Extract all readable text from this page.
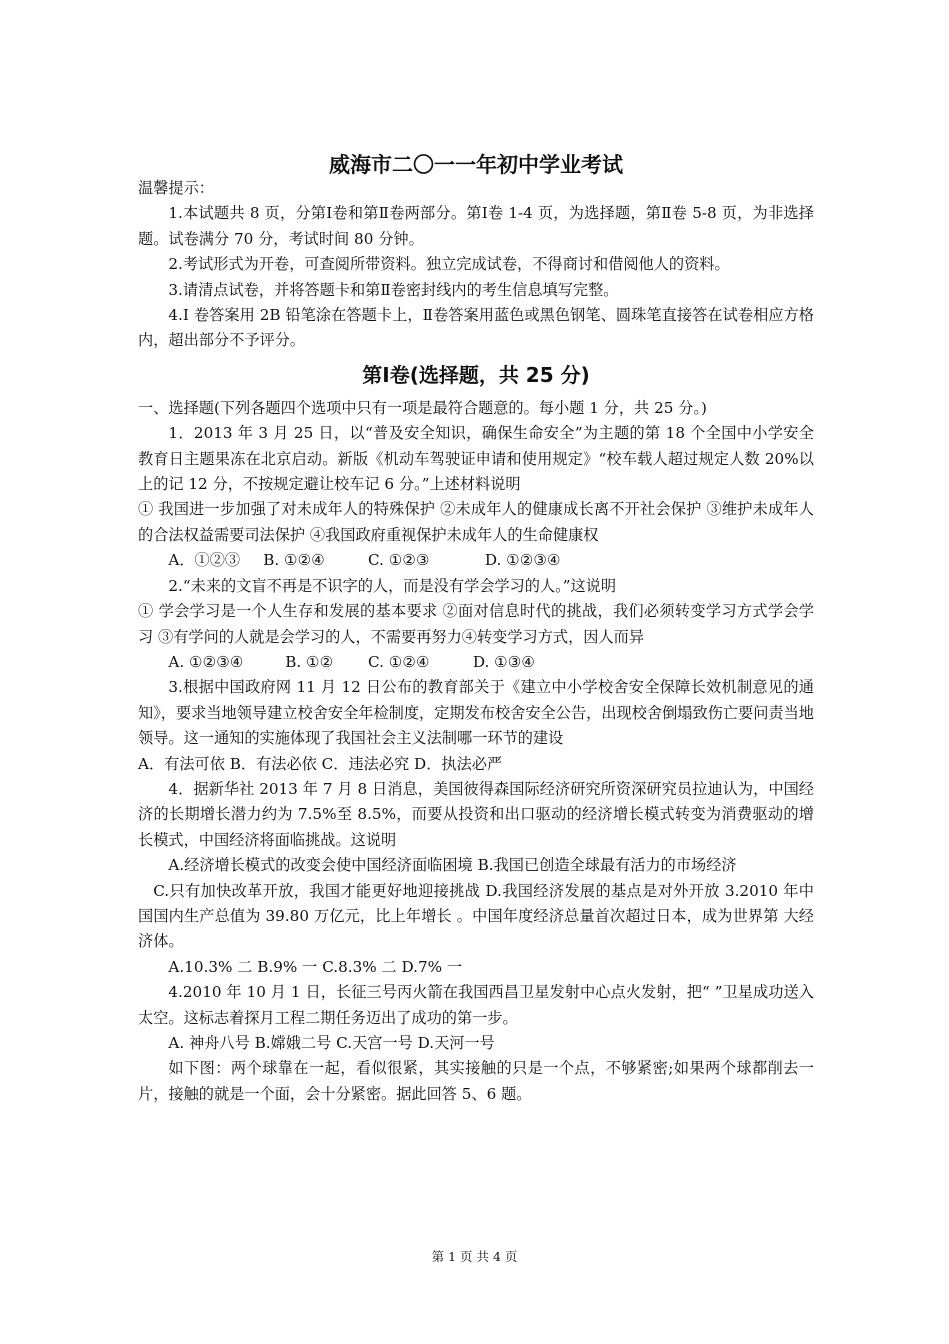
威海市二〇一一年初中学业考试

温馨提示：

1.本试题共 8 页，分第Ⅰ卷和第Ⅱ卷两部分。第Ⅰ卷 1-4 页，为选择题，第Ⅱ卷 5-8 页，为非选择题。试卷满分 70 分，考试时间 80 分钟。

2.考试形式为开卷，可查阅所带资料。独立完成试卷，不得商讨和借阅他人的资料。

3.请清点试卷，并将答题卡和第Ⅱ卷密封线内的考生信息填写完整。

4.Ⅰ 卷答案用 2B 铅笔涂在答题卡上，Ⅱ卷答案用蓝色或黑色钢笔、圆珠笔直接答在试卷相应方格内，超出部分不予评分。

第Ⅰ卷(选择题，共 25 分)

一、选择题(下列各题四个选项中只有一项是最符合题意的。每小题 1 分，共 25 分。)

1．2013 年 3 月 25 日，以“普及安全知识，确保生命安全”为主题的第 18 个全国中小学安全教育日主题果冻在北京启动。新版《机动车驾驶证申请和使用规定》“校车载人超过规定人数 20%以上的记 12 分，不按规定避让校车记 6 分。”上述材料说明

① 我国进一步加强了对未成年人的特殊保护 ②未成年人的健康成长离不开社会保护 ③维护未成年人的合法权益需要司法保护 ④我国政府重视保护未成年人的生命健康权

A．①②③ B. ①②④	C. ①②③	D. ①②③④

2.“未来的文盲不再是不识字的人，而是没有学会学习的人。”这说明

① 学会学习是一个人生存和发展的基本要求 ②面对信息时代的挑战，我们必须转变学习方式学会学习 ③有学问的人就是会学习的人，不需要再努力④转变学习方式，因人而异

A. ①②③④	B. ①② C. ①②④	D. ①③④

3.根据中国政府网 11 月 12 日公布的教育部关于《建立中小学校舍安全保障长效机制意见的通知》，要求当地领导建立校舍安全年检制度，定期发布校舍安全公告，出现校舍倒塌致伤亡要问责当地领导。这一通知的实施体现了我国社会主义法制哪一环节的建设

A．有法可依 B．有法必依 C．违法必究 D．执法必严

4．据新华社 2013 年 7 月 8 日消息，美国彼得森国际经济研究所资深研究员拉迪认为，中国经济的长期增长潜力约为 7.5%至 8.5%，而要从投资和出口驱动的经济增长模式转变为消费驱动的增长模式，中国经济将面临挑战。这说明

A.经济增长模式的改变会使中国经济面临困境 B.我国已创造全球最有活力的市场经济

C.只有加快改革开放，我国才能更好地迎接挑战 D.我国经济发展的基点是对外开放 3.2010 年中国国内生产总值为 39.80 万亿元，比上年增长 。中国年度经济总量首次超过日本，成为世界第 大经济体。

A.10.3% 二 B.9% 一 C.8.3% 二 D.7% 一

4.2010 年 10 月 1 日，长征三号丙火箭在我国西昌卫星发射中心点火发射，把“ ”卫星成功送入太空。这标志着探月工程二期任务迈出了成功的第一步。

A. 神舟八号 B.嫦娥二号 C.天宫一号 D.天河一号

如下图：两个球靠在一起，看似很紧，其实接触的只是一个点，不够紧密;如果两个球都削去一片，接触的就是一个面，会十分紧密。据此回答 5、6 题。

第 1 页 共 4 页
